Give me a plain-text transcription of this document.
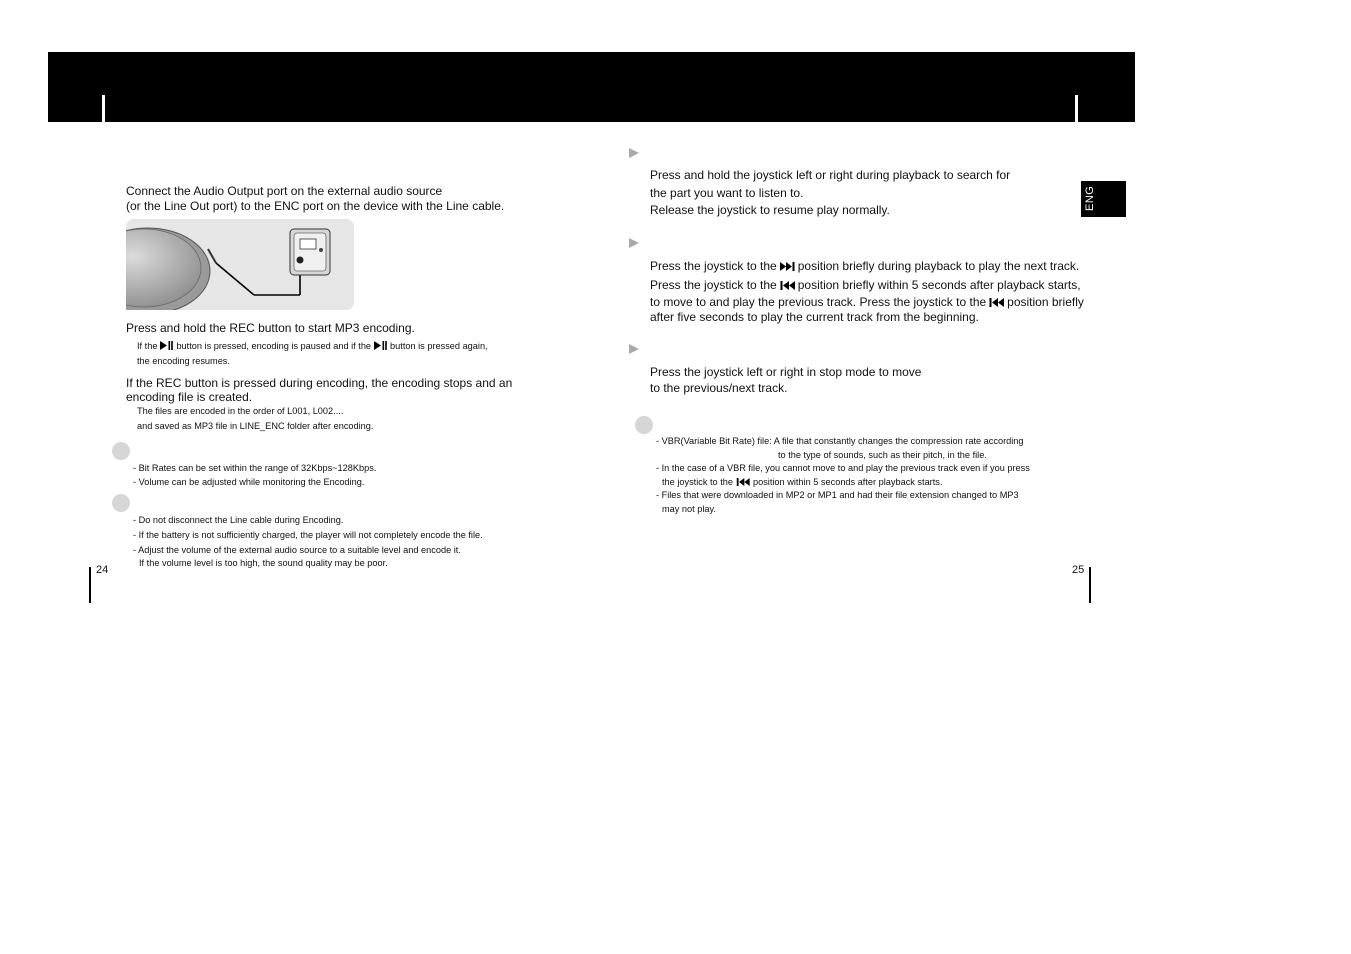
ENG
Connect the Audio Output port on the external audio source
(or the Line Out port) to the ENC port on the device with the Line cable.
Press and hold the REC button to start MP3 encoding.
If the button is pressed, encoding is paused and if the button is pressed again,
the encoding resumes.
If the REC button is pressed during encoding, the encoding stops and an
encoding file is created.
The files are encoded in the order of L001, L002....
and saved as MP3 file in LINE_ENC folder after encoding.
- Bit Rates can be set within the range of 32Kbps~128Kbps.
- Volume can be adjusted while monitoring the Encoding.
- Do not disconnect the Line cable during Encoding.
- If the battery is not sufficiently charged, the player will not completely encode the file.
- Adjust the volume of the external audio source to a suitable level and encode it.
If the volume level is too high, the sound quality may be poor.
24
Press and hold the joystick left or right during playback to search for
the part you want to listen to.
Release the joystick to resume play normally.
Press the joystick to the position briefly during playback to play the next track.
Press the joystick to the position briefly within 5 seconds after playback starts,
to move to and play the previous track. Press the joystick to the position briefly
after five seconds to play the current track from the beginning.
Press the joystick left or right in stop mode to move
to the previous/next track.
- VBR(Variable Bit Rate) file: A file that constantly changes the compression rate according
to the type of sounds, such as their pitch, in the file.
- In the case of a VBR file, you cannot move to and play the previous track even if you press
the joystick to the position within 5 seconds after playback starts.
- Files that were downloaded in MP2 or MP1 and had their file extension changed to MP3
may not play.
25
